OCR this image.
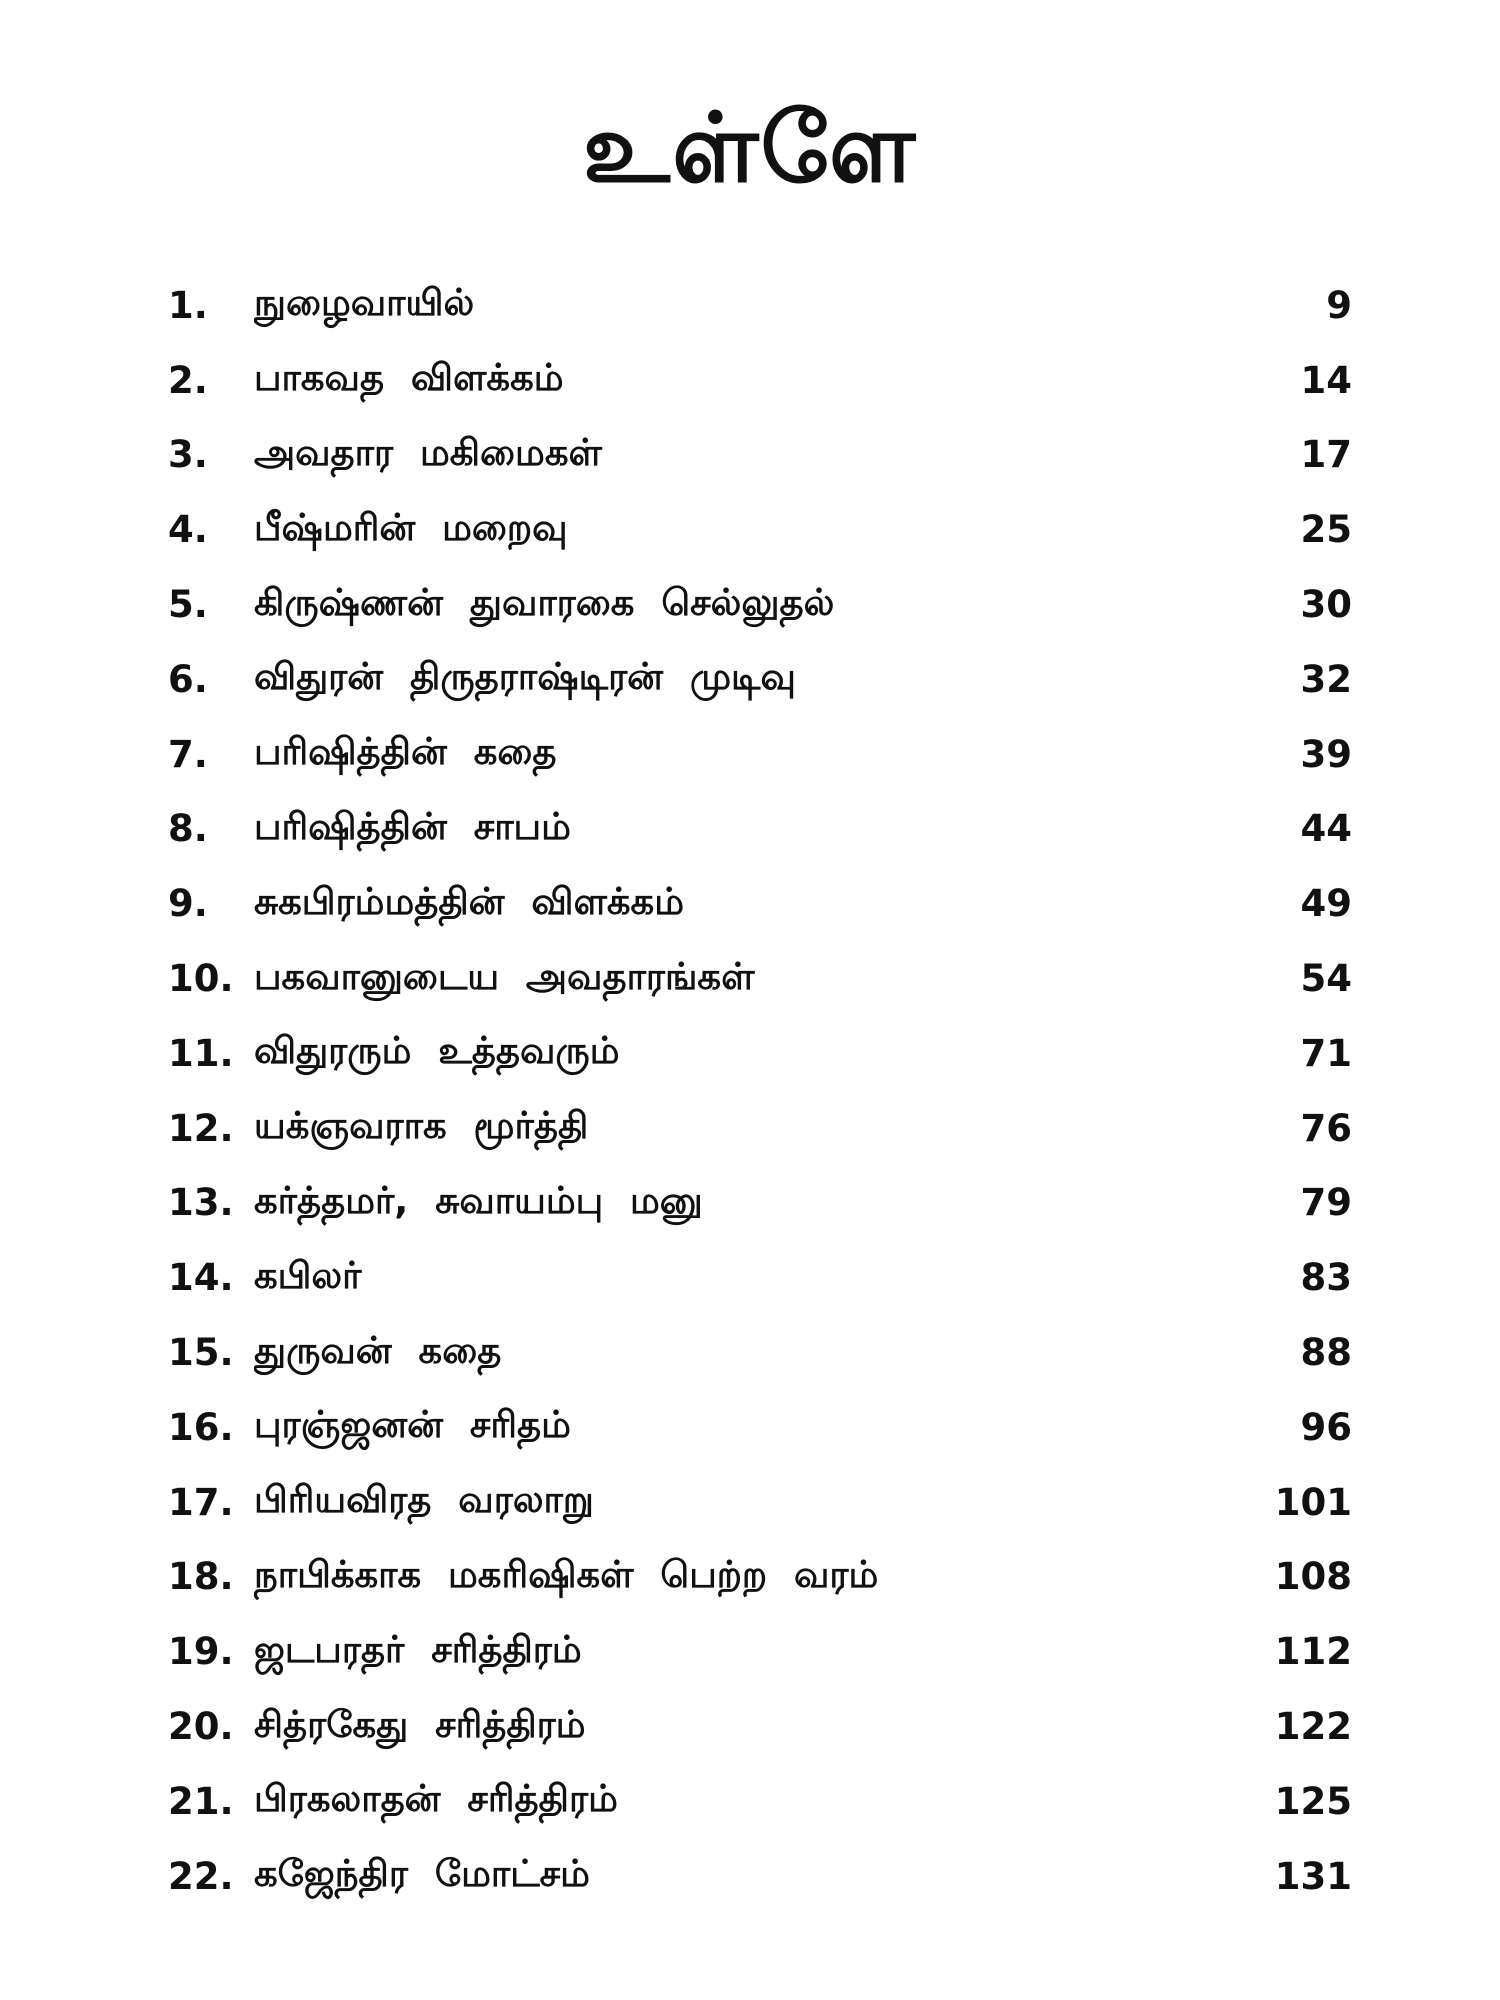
உள்ளே
1.	நுழைவாயில்	9
2.	பாகவத விளக்கம்	14
3.	அவதார மகிமைகள்	17
4.	பீஷ்மரின் மறைவு	25
5.	கிருஷ்ணன் துவாரகை செல்லுதல்	30
6.	விதுரன் திருதராஷ்டிரன் முடிவு	32
7.	பரிஷித்தின் கதை	39
8.	பரிஷித்தின் சாபம்	44
9.	சுகபிரம்மத்தின் விளக்கம்	49
10. பகவானுடைய அவதாரங்கள்	54
11. விதுரரும் உத்தவரும்	71
12. யக்ஞவராக மூர்த்தி	76
13. கர்த்தமர், சுவாயம்பு மனு	79
14. கபிலர்	83
15. துருவன் கதை	88
16. புரஞ்ஜனன் சரிதம்	96
17. பிரியவிரத வரலாறு	101
18. நாபிக்காக மகரிஷிகள் பெற்ற வரம்	108
19. ஜடபரதர் சரித்திரம்	112
20. சித்ரகேது சரித்திரம்	122
21. பிரகலாதன் சரித்திரம்	125
22. கஜேந்திர மோட்சம்	131
